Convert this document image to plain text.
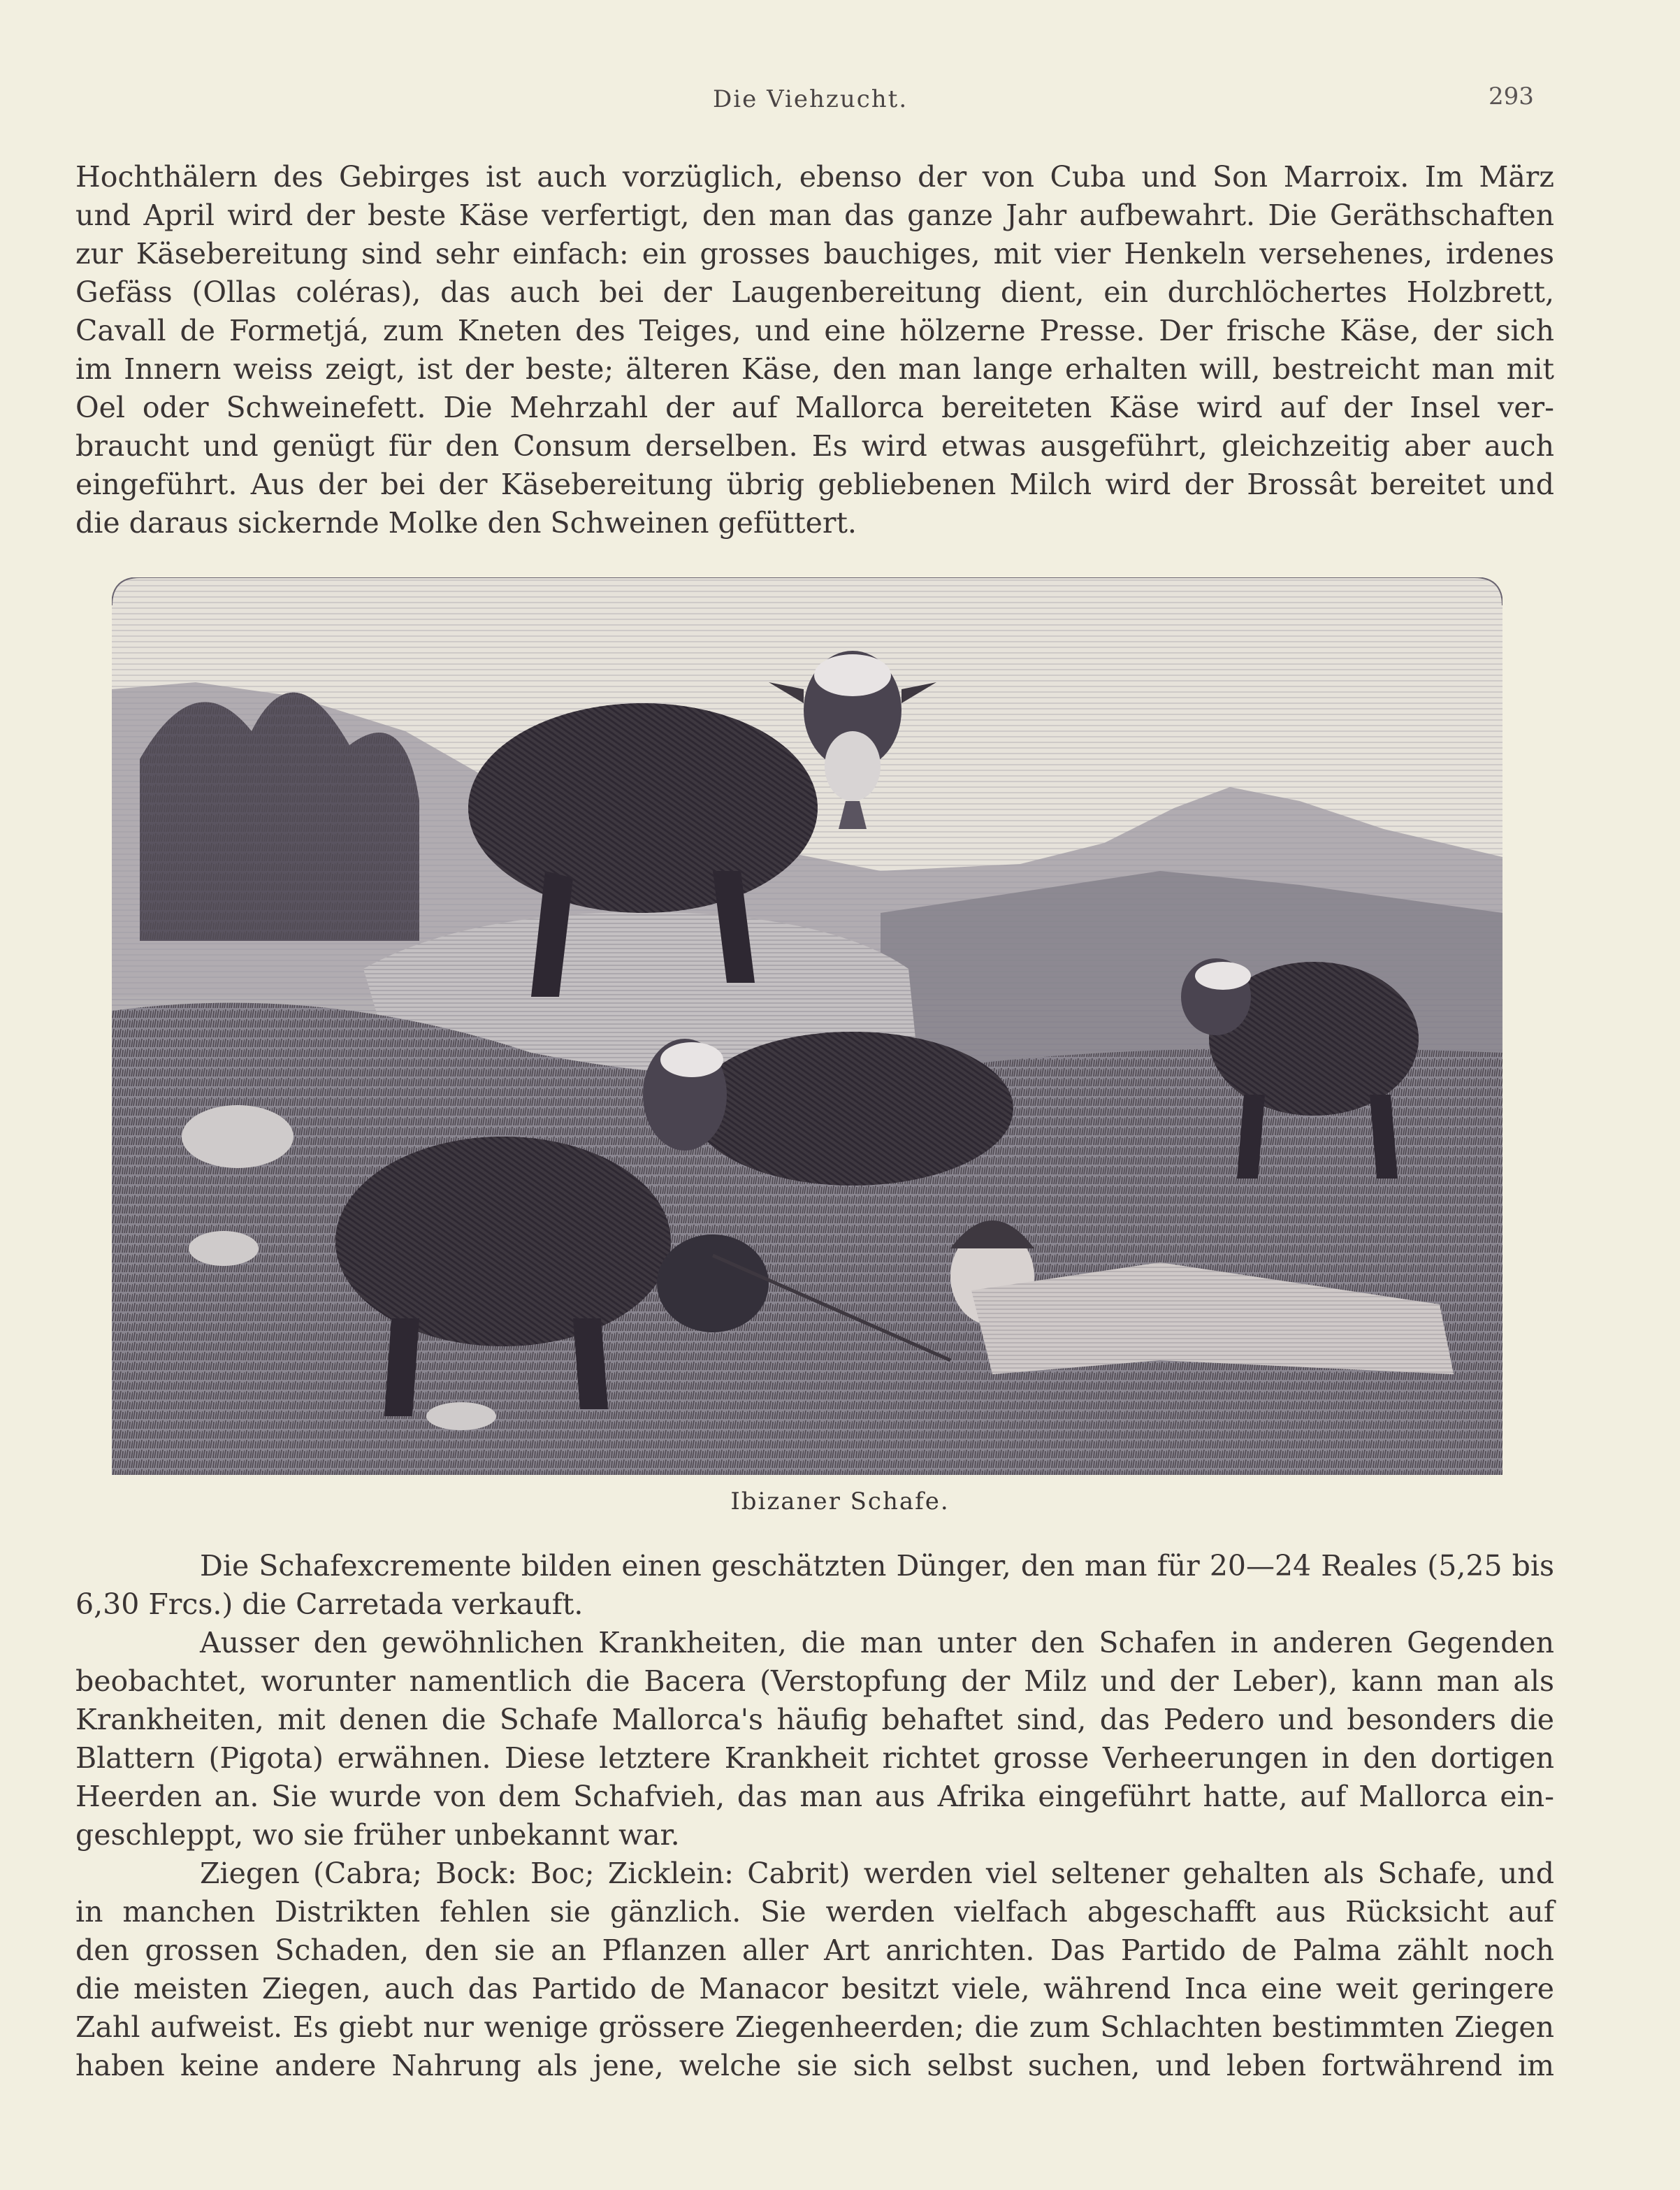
Die Viehzucht.	293
Hochthälern des Gebirges ist auch vorzüglich, ebenso der von Cuba und Son Marroix. Im März
und April wird der beste Käse verfertigt, den man das ganze Jahr aufbewahrt. Die Geräthschaften
zur Käsebereitung sind sehr einfach: ein grosses bauchiges, mit vier Henkeln versehenes, irdenes
Gefäss (Ollas coléras), das auch bei der Laugenbereitung dient, ein durchlöchertes Holzbrett,
Cavall de Formetjá, zum Kneten des Teiges, und eine hölzerne Presse. Der frische Käse, der sich
im Innern weiss zeigt, ist der beste; älteren Käse, den man lange erhalten will, bestreicht man mit
Oel oder Schweinefett. Die Mehrzahl der auf Mallorca bereiteten Käse wird auf der Insel ver-
braucht und genügt für den Consum derselben. Es wird etwas ausgeführt, gleichzeitig aber auch
eingeführt. Aus der bei der Käsebereitung übrig gebliebenen Milch wird der Brossât bereitet und
die daraus sickernde Molke den Schweinen gefüttert.
Ibizaner Schafe.
Die Schafexcremente bilden einen geschätzten Dünger, den man für 20—24 Reales (5,25 bis
6,30 Frcs.) die Carretada verkauft.
Ausser den gewöhnlichen Krankheiten, die man unter den Schafen in anderen Gegenden
beobachtet, worunter namentlich die Bacera (Verstopfung der Milz und der Leber), kann man als
Krankheiten, mit denen die Schafe Mallorca's häufig behaftet sind, das Pedero und besonders die
Blattern (Pigota) erwähnen. Diese letztere Krankheit richtet grosse Verheerungen in den dortigen
Heerden an. Sie wurde von dem Schafvieh, das man aus Afrika eingeführt hatte, auf Mallorca ein-
geschleppt, wo sie früher unbekannt war.
Ziegen (Cabra; Bock: Boc; Zicklein: Cabrit) werden viel seltener gehalten als Schafe, und
in manchen Distrikten fehlen sie gänzlich. Sie werden vielfach abgeschafft aus Rücksicht auf
den grossen Schaden, den sie an Pflanzen aller Art anrichten. Das Partido de Palma zählt noch
die meisten Ziegen, auch das Partido de Manacor besitzt viele, während Inca eine weit geringere
Zahl aufweist. Es giebt nur wenige grössere Ziegenheerden; die zum Schlachten bestimmten Ziegen
haben keine andere Nahrung als jene, welche sie sich selbst suchen, und leben fortwährend im
